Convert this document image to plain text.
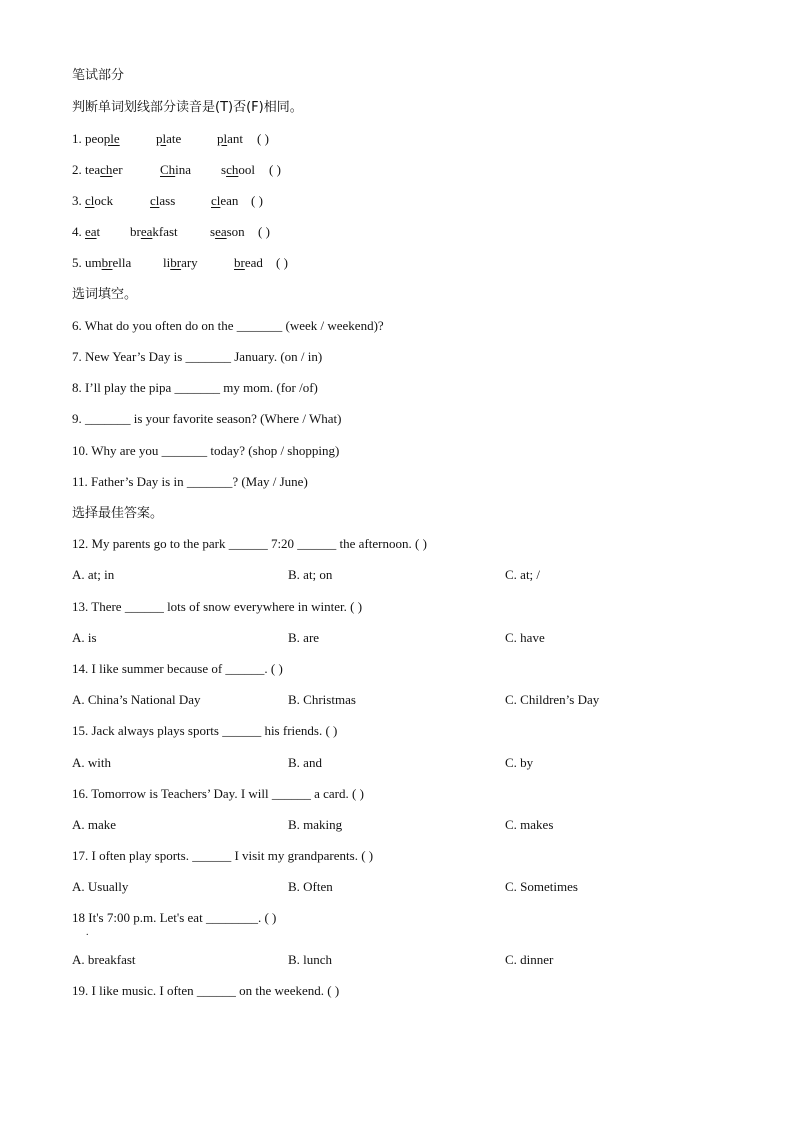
笔试部分
判断单词划线部分读音是(T)否(F)相同。
1. people	plate	plant ( )
2. teacher	China school ( )
3. clock	class	clean ( )
4. eat breakfast season ( )
5. umbrella library	bread ( )
选词填空。
6. What do you often do on the _______ (week / weekend)?
7. New Year’s Day is _______ January. (on / in)
8. I’ll play the pipa _______ my mom. (for /of)
9. _______ is your favorite season? (Where / What)
10. Why are you _______ today? (shop / shopping)
11. Father’s Day is in _______? (May / June)
选择最佳答案。
12. My parents go to the park ______ 7:20 ______ the afternoon. ( )
A. at; in	B. at; on	C. at; /
13. There ______ lots of snow everywhere in winter. ( )
A. is	B. are	C. have
14. I like summer because of ______. ( )
A. China’s National Day	B. Christmas	C. Children’s Day
15. Jack always plays sports ______ his friends. ( )
A. with	B. and	C. by
16. Tomorrow is Teachers’ Day. I will ______ a card. ( )
A. make	B. making	C. makes
17. I often play sports. ______ I visit my grandparents. ( )
A. Usually	B. Often	C. Sometimes
18 It's 7:00 p.m. Let's eat ________. ( )
.
A. breakfast	B. lunch	C. dinner
19. I like music. I often ______ on the weekend. ( )
